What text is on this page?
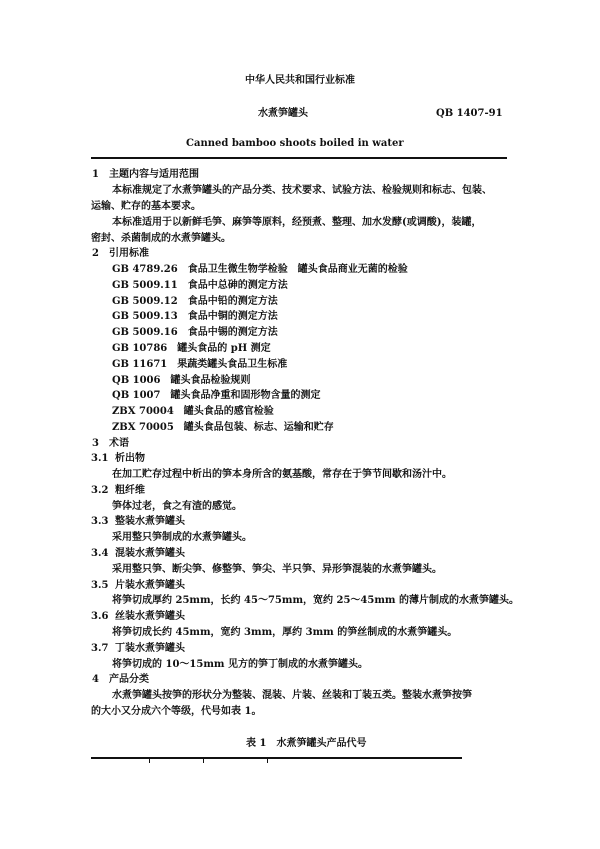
中华人民共和国行业标准
水煮笋罐头	QB 1407-91
Canned bamboo shoots boiled in water
1　主题内容与适用范围
本标准规定了水煮笋罐头的产品分类、技术要求、试验方法、检验规则和标志、包装、
运输、贮存的基本要求。
本标准适用于以新鲜毛笋、麻笋等原料，经预煮、整理、加水发酵(或调酸)，装罐，
密封、杀菌制成的水煮笋罐头。
2　引用标准
GB 4789.26　食品卫生微生物学检验　罐头食品商业无菌的检验
GB 5009.11　食品中总砷的测定方法
GB 5009.12　食品中铅的测定方法
GB 5009.13　食品中铜的测定方法
GB 5009.16　食品中锡的测定方法
GB 10786　罐头食品的 pH 测定
GB 11671　果蔬类罐头食品卫生标准
QB 1006　罐头食品检验规则
QB 1007　罐头食品净重和固形物含量的测定
ZBX 70004　罐头食品的感官检验
ZBX 70005　罐头食品包装、标志、运输和贮存
3　术语
3.1 析出物
在加工贮存过程中析出的笋本身所含的氨基酸，常存在于笋节间歇和汤汁中。
3.2 粗纤维
笋体过老，食之有渣的感觉。
3.3 整装水煮笋罐头
采用整只笋制成的水煮笋罐头。
3.4 混装水煮笋罐头
采用整只笋、断尖笋、修整笋、笋尖、半只笋、异形笋混装的水煮笋罐头。
3.5 片装水煮笋罐头
将笋切成厚约 25mm，长约 45～75mm，宽约 25～45mm 的薄片制成的水煮笋罐头。
3.6 丝装水煮笋罐头
将笋切成长约 45mm，宽约 3mm，厚约 3mm 的笋丝制成的水煮笋罐头。
3.7 丁装水煮笋罐头
将笋切成的 10～15mm 见方的笋丁制成的水煮笋罐头。
4　产品分类
水煮笋罐头按笋的形状分为整装、混装、片装、丝装和丁装五类。整装水煮笋按笋
的大小又分成六个等级，代号如表 1。
表 1　水煮笋罐头产品代号
